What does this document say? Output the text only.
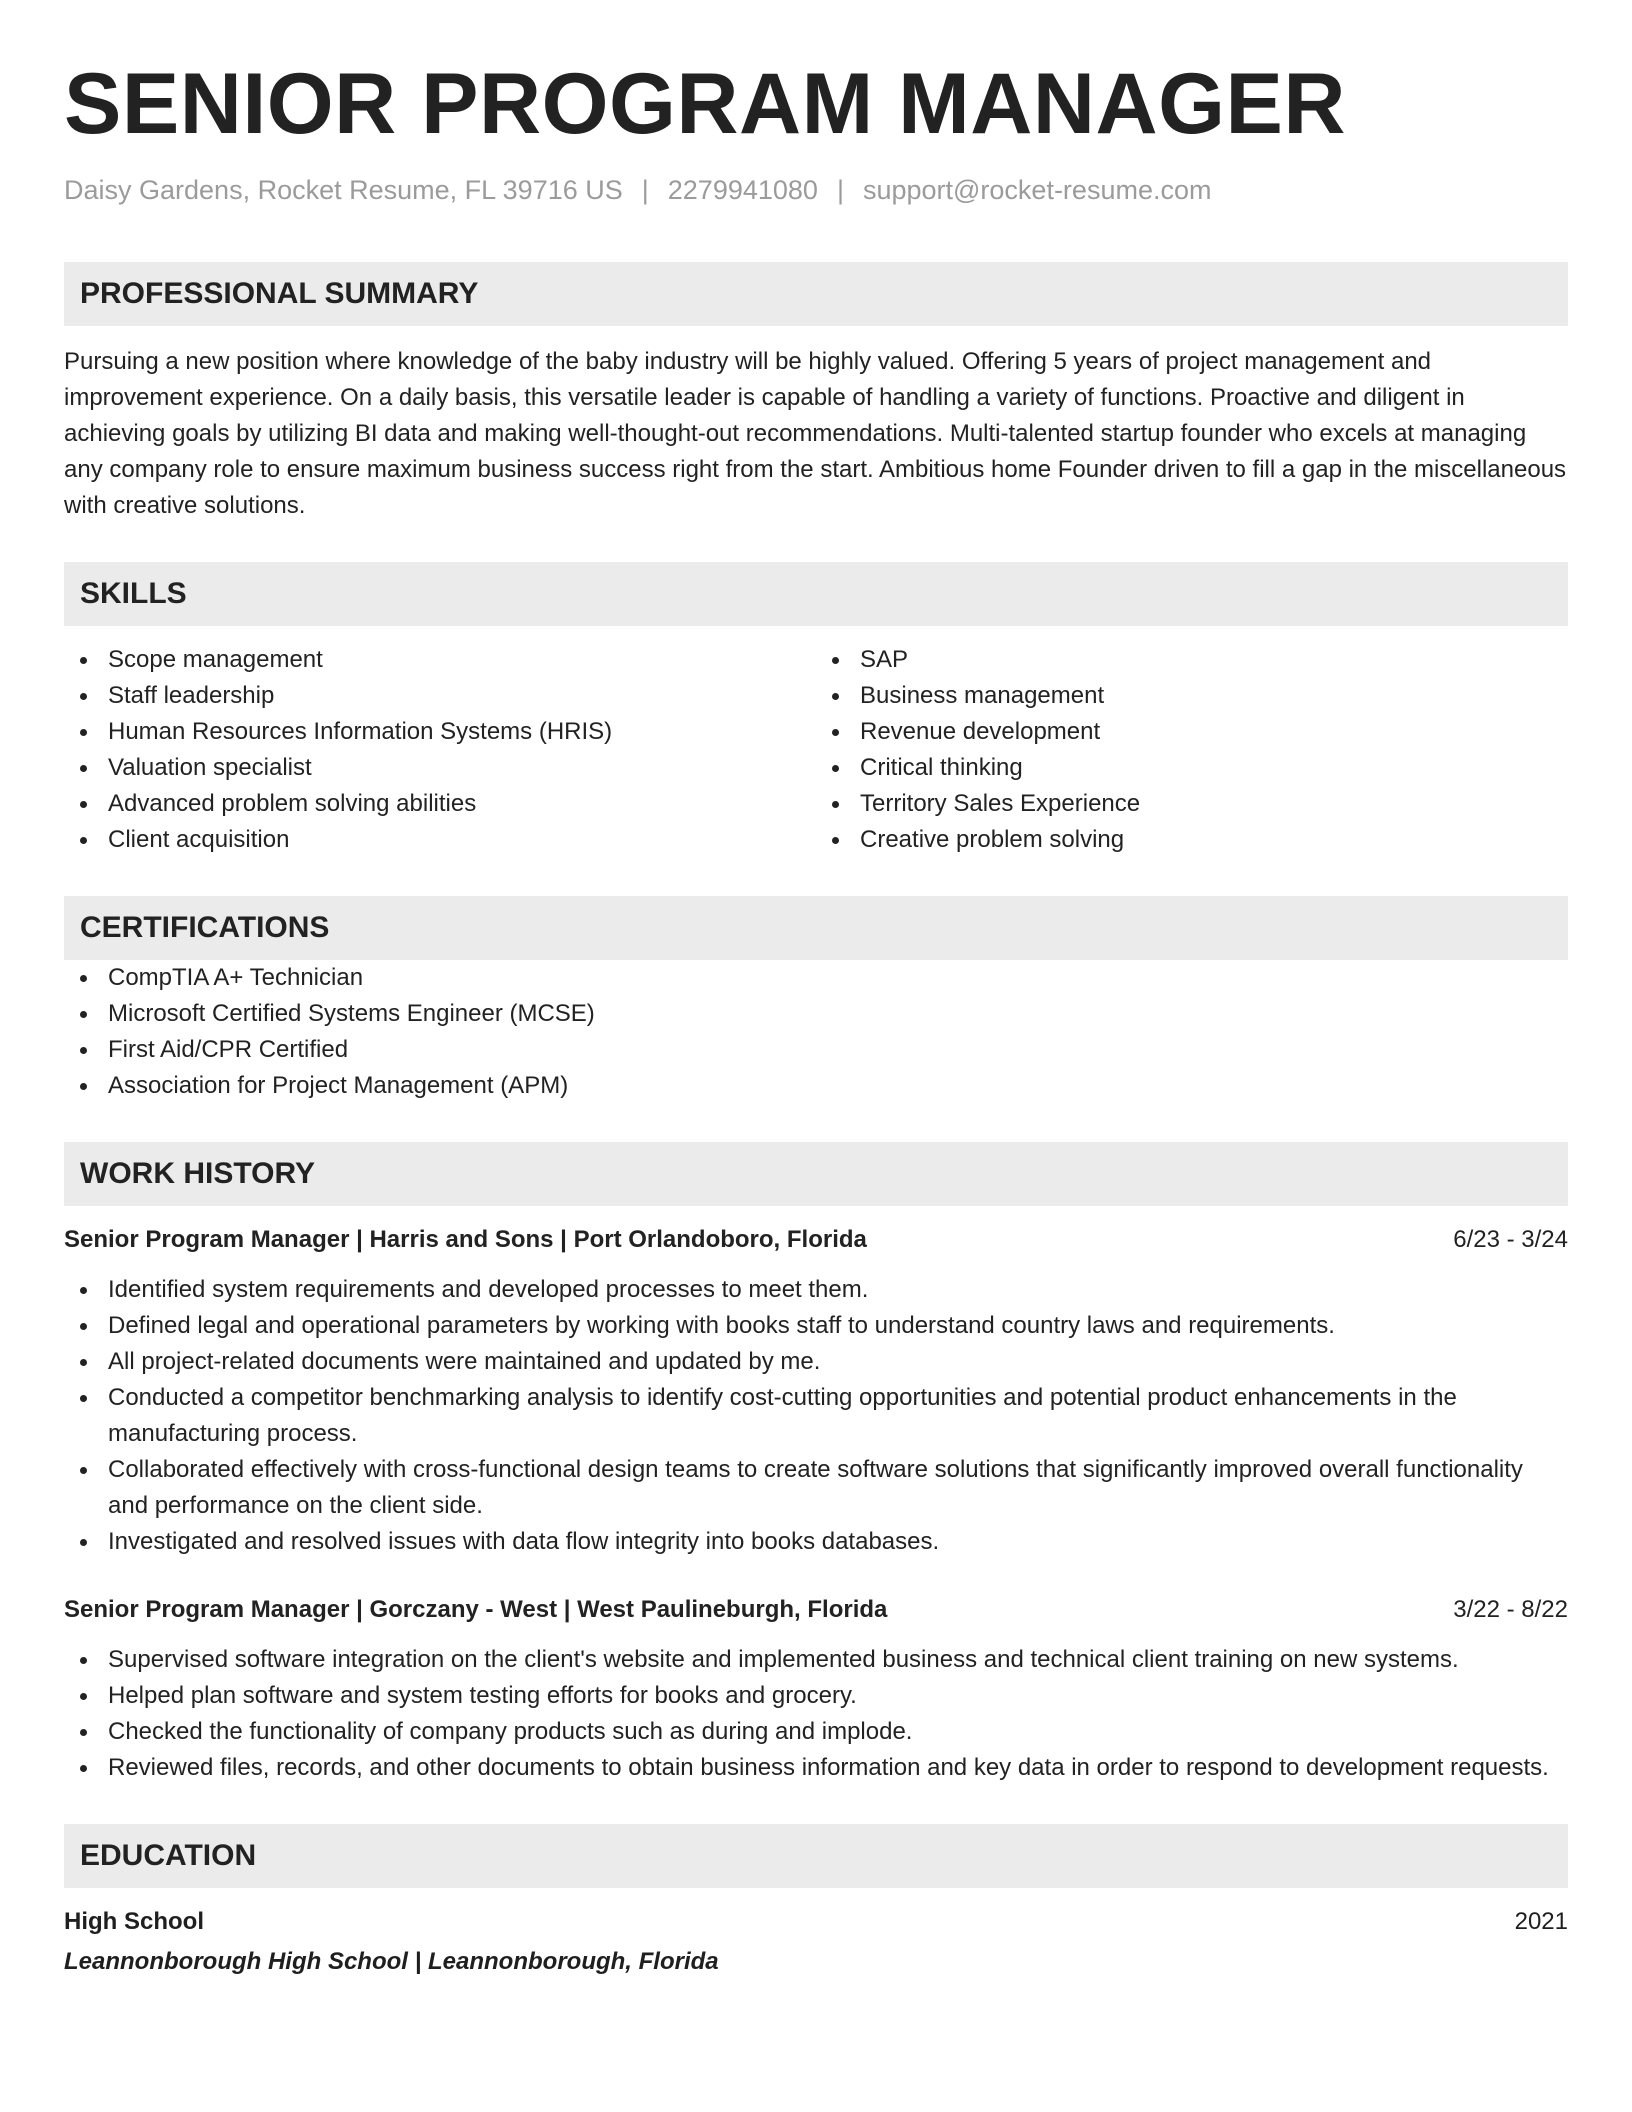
SENIOR PROGRAM MANAGER
Daisy Gardens, Rocket Resume, FL 39716 US | 2279941080 | support@rocket-resume.com
PROFESSIONAL SUMMARY

Pursuing a new position where knowledge of the baby industry will be highly valued. Offering 5 years of project management and improvement experience. On a daily basis, this versatile leader is capable of handling a variety of functions. Proactive and diligent in achieving goals by utilizing BI data and making well-thought-out recommendations. Multi-talented startup founder who excels at managing any company role to ensure maximum business success right from the start. Ambitious home Founder driven to fill a gap in the miscellaneous with creative solutions.

SKILLS
Scope management
Staff leadership
Human Resources Information Systems (HRIS)
Valuation specialist
Advanced problem solving abilities
Client acquisition
SAP
Business management
Revenue development
Critical thinking
Territory Sales Experience
Creative problem solving
CERTIFICATIONS
CompTIA A+ Technician
Microsoft Certified Systems Engineer (MCSE)
First Aid/CPR Certified
Association for Project Management (APM)
WORK HISTORY
Senior Program Manager | Harris and Sons | Port Orlandoboro, Florida	6/23 - 3/24
Identified system requirements and developed processes to meet them.
Defined legal and operational parameters by working with books staff to understand country laws and requirements.
All project-related documents were maintained and updated by me.
Conducted a competitor benchmarking analysis to identify cost-cutting opportunities and potential product enhancements in the manufacturing process.
Collaborated effectively with cross-functional design teams to create software solutions that significantly improved overall functionality and performance on the client side.
Investigated and resolved issues with data flow integrity into books databases.
Senior Program Manager | Gorczany - West | West Paulineburgh, Florida	3/22 - 8/22
Supervised software integration on the client's website and implemented business and technical client training on new systems.
Helped plan software and system testing efforts for books and grocery.
Checked the functionality of company products such as during and implode.
Reviewed files, records, and other documents to obtain business information and key data in order to respond to development requests.
EDUCATION
High School	2021
Leannonborough High School | Leannonborough, Florida
